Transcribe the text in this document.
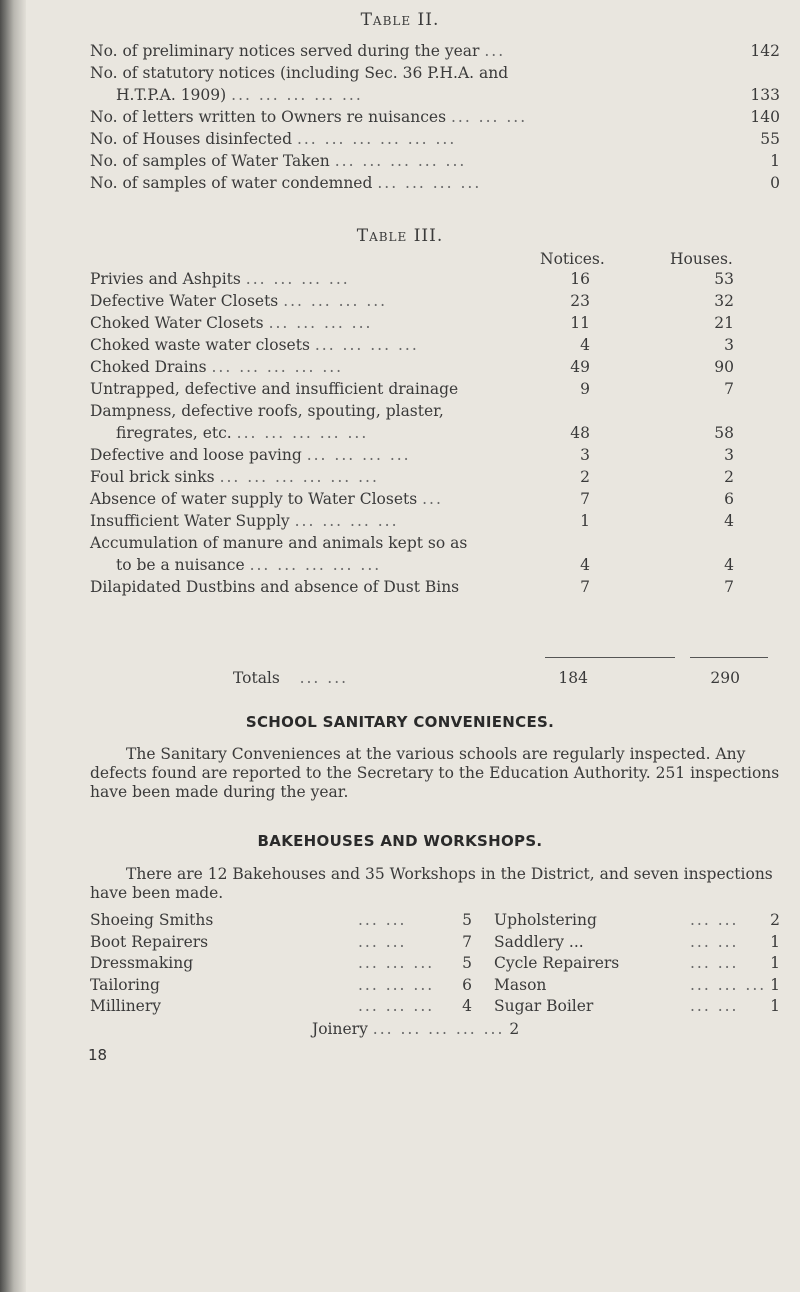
Table II.
No. of preliminary notices served during the year ...	142
No. of statutory notices (including Sec. 36 P.H.A. and
H.T.P.A. 1909) ... ... ... ... ...	133
No. of letters written to Owners re nuisances ... ... ...	140
No. of Houses disinfected ... ... ... ... ... ...	55
No. of samples of Water Taken ... ... ... ... ...	1
No. of samples of water condemned ... ... ... ...	0
Table III.
Notices.	Houses.
Privies and Ashpits ... ... ... ...	16	53
Defective Water Closets ... ... ... ...	23	32
Choked Water Closets ... ... ... ...	11	21
Choked waste water closets ... ... ... ...	4	3
Choked Drains ... ... ... ... ...	49	90
Untrapped, defective and insufficient drainage	9	7
Dampness, defective roofs, spouting, plaster,
firegrates, etc. ... ... ... ... ...	48	58
Defective and loose paving ... ... ... ...	3	3
Foul brick sinks ... ... ... ... ... ...	2	2
Absence of water supply to Water Closets ...	7	6
Insufficient Water Supply ... ... ... ...	1	4
Accumulation of manure and animals kept so as
to be a nuisance ... ... ... ... ...	4	4
Dilapidated Dustbins and absence of Dust Bins	7	7
Totals ... ...	184	290
SCHOOL SANITARY CONVENIENCES.
The Sanitary Conveniences at the various schools are regularly inspected. Any defects found are reported to the Secretary to the Education Authority. 251 inspections have been made during the year.
BAKEHOUSES AND WORKSHOPS.
There are 12 Bakehouses and 35 Workshops in the District, and seven inspections have been made.
Shoeing Smiths	... ...	5
Boot Repairers	... ...	7
Dressmaking	... ... ...	5
Tailoring	... ... ...	6
Millinery	... ... ...	4
Upholstering	... ...	2
Saddlery ...	... ...	1
Cycle Repairers	... ...	1
Mason	... ... ... 1
Sugar Boiler	... ...	1
Joinery ... ... ... ... ... 2
18
